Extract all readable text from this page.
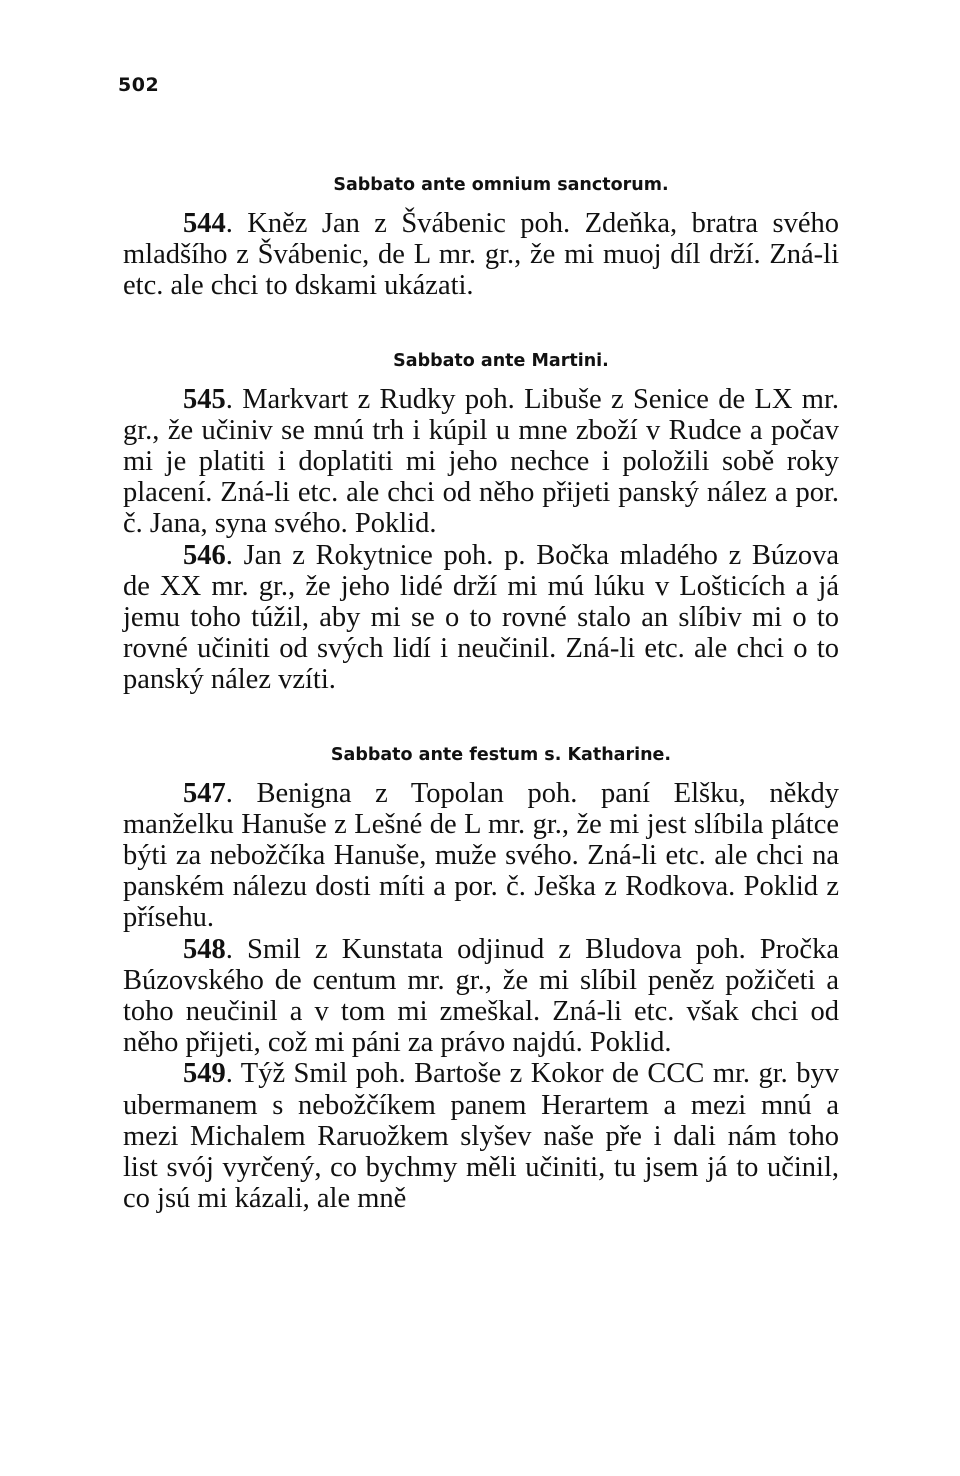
502

Sabbato ante omnium sanctorum.

544. Kněz Jan z Švábenic poh. Zdeňka, bratra svého mladšího z Švábenic, de L mr. gr., že mi muoj díl drží. Zná-li etc. ale chci to dskami ukázati.

Sabbato ante Martini.

545. Markvart z Rudky poh. Libuše z Senice de LX mr. gr., že učiniv se mnú trh i kúpil u mne zboží v Rudce a počav mi je platiti i doplatiti mi jeho nechce i položili sobě roky placení. Zná-li etc. ale chci od něho přijeti panský nález a por. č. Jana, syna svého. Poklid.

546. Jan z Rokytnice poh. p. Bočka mladého z Búzova de XX mr. gr., že jeho lidé drží mi mú lúku v Lošticích a já jemu toho túžil, aby mi se o to rovné stalo an slíbiv mi o to rovné učiniti od svých lidí i neučinil. Zná-li etc. ale chci o to panský nález vzíti.

Sabbato ante festum s. Katharine.

547. Benigna z Topolan poh. paní Elšku, někdy manželku Hanuše z Lešné de L mr. gr., že mi jest slíbila plátce býti za nebožčíka Hanuše, muže svého. Zná-li etc. ale chci na panském nálezu dosti míti a por. č. Ješka z Rodkova. Poklid z přísehu.

548. Smil z Kunstata odjinud z Bludova poh. Pročka Búzovského de centum mr. gr., že mi slíbil peněz požičeti a toho neučinil a v tom mi zmeškal. Zná-li etc. však chci od něho přijeti, což mi páni za právo najdú. Poklid.

549. Týž Smil poh. Bartoše z Kokor de CCC mr. gr. byv ubermanem s nebožčíkem panem Herartem a mezi mnú a mezi Michalem Raruožkem slyšev naše pře i dali nám toho list svój vyrčený, co bychmy měli učiniti, tu jsem já to učinil, co jsú mi kázali, ale mně
